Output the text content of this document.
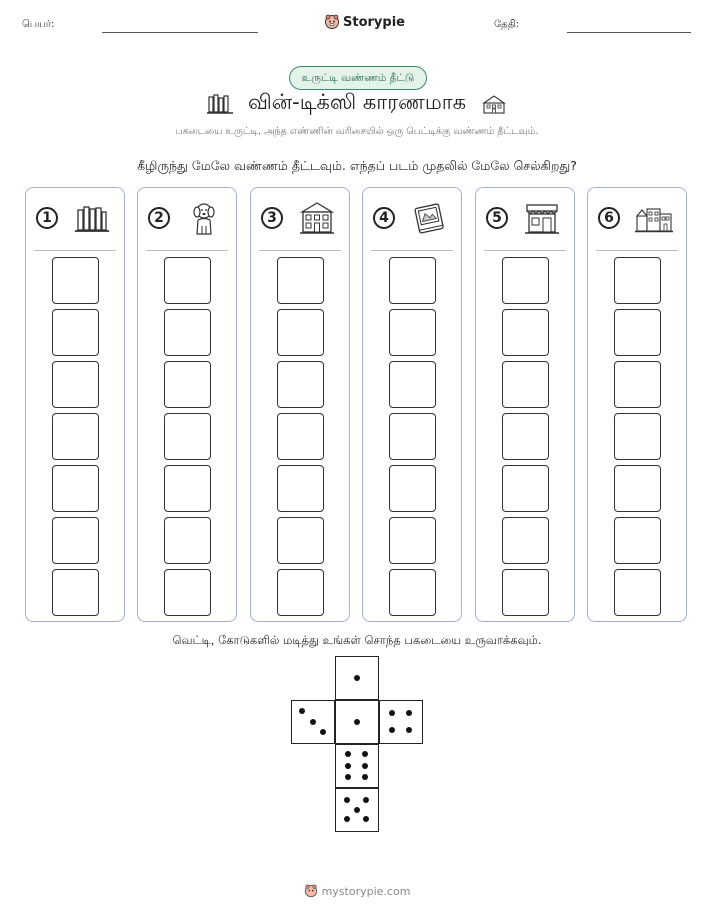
பெயர்:	Storypie	தேதி:
உருட்டி வண்ணம் தீட்டு
வின்-டிக்ஸி காரணமாக
பகடையை உருட்டி, அந்த எண்ணின் வரிசையில் ஒரு பெட்டிக்கு வண்ணம் தீட்டவும்.
கீழிருந்து மேலே வண்ணம் தீட்டவும். எந்தப் படம் முதலில் மேலே செல்கிறது?
1	2	3	4	5	6
வெட்டி, கோடுகளில் மடித்து உங்கள் சொந்த பகடையை உருவாக்கவும்.
mystorypie.com
